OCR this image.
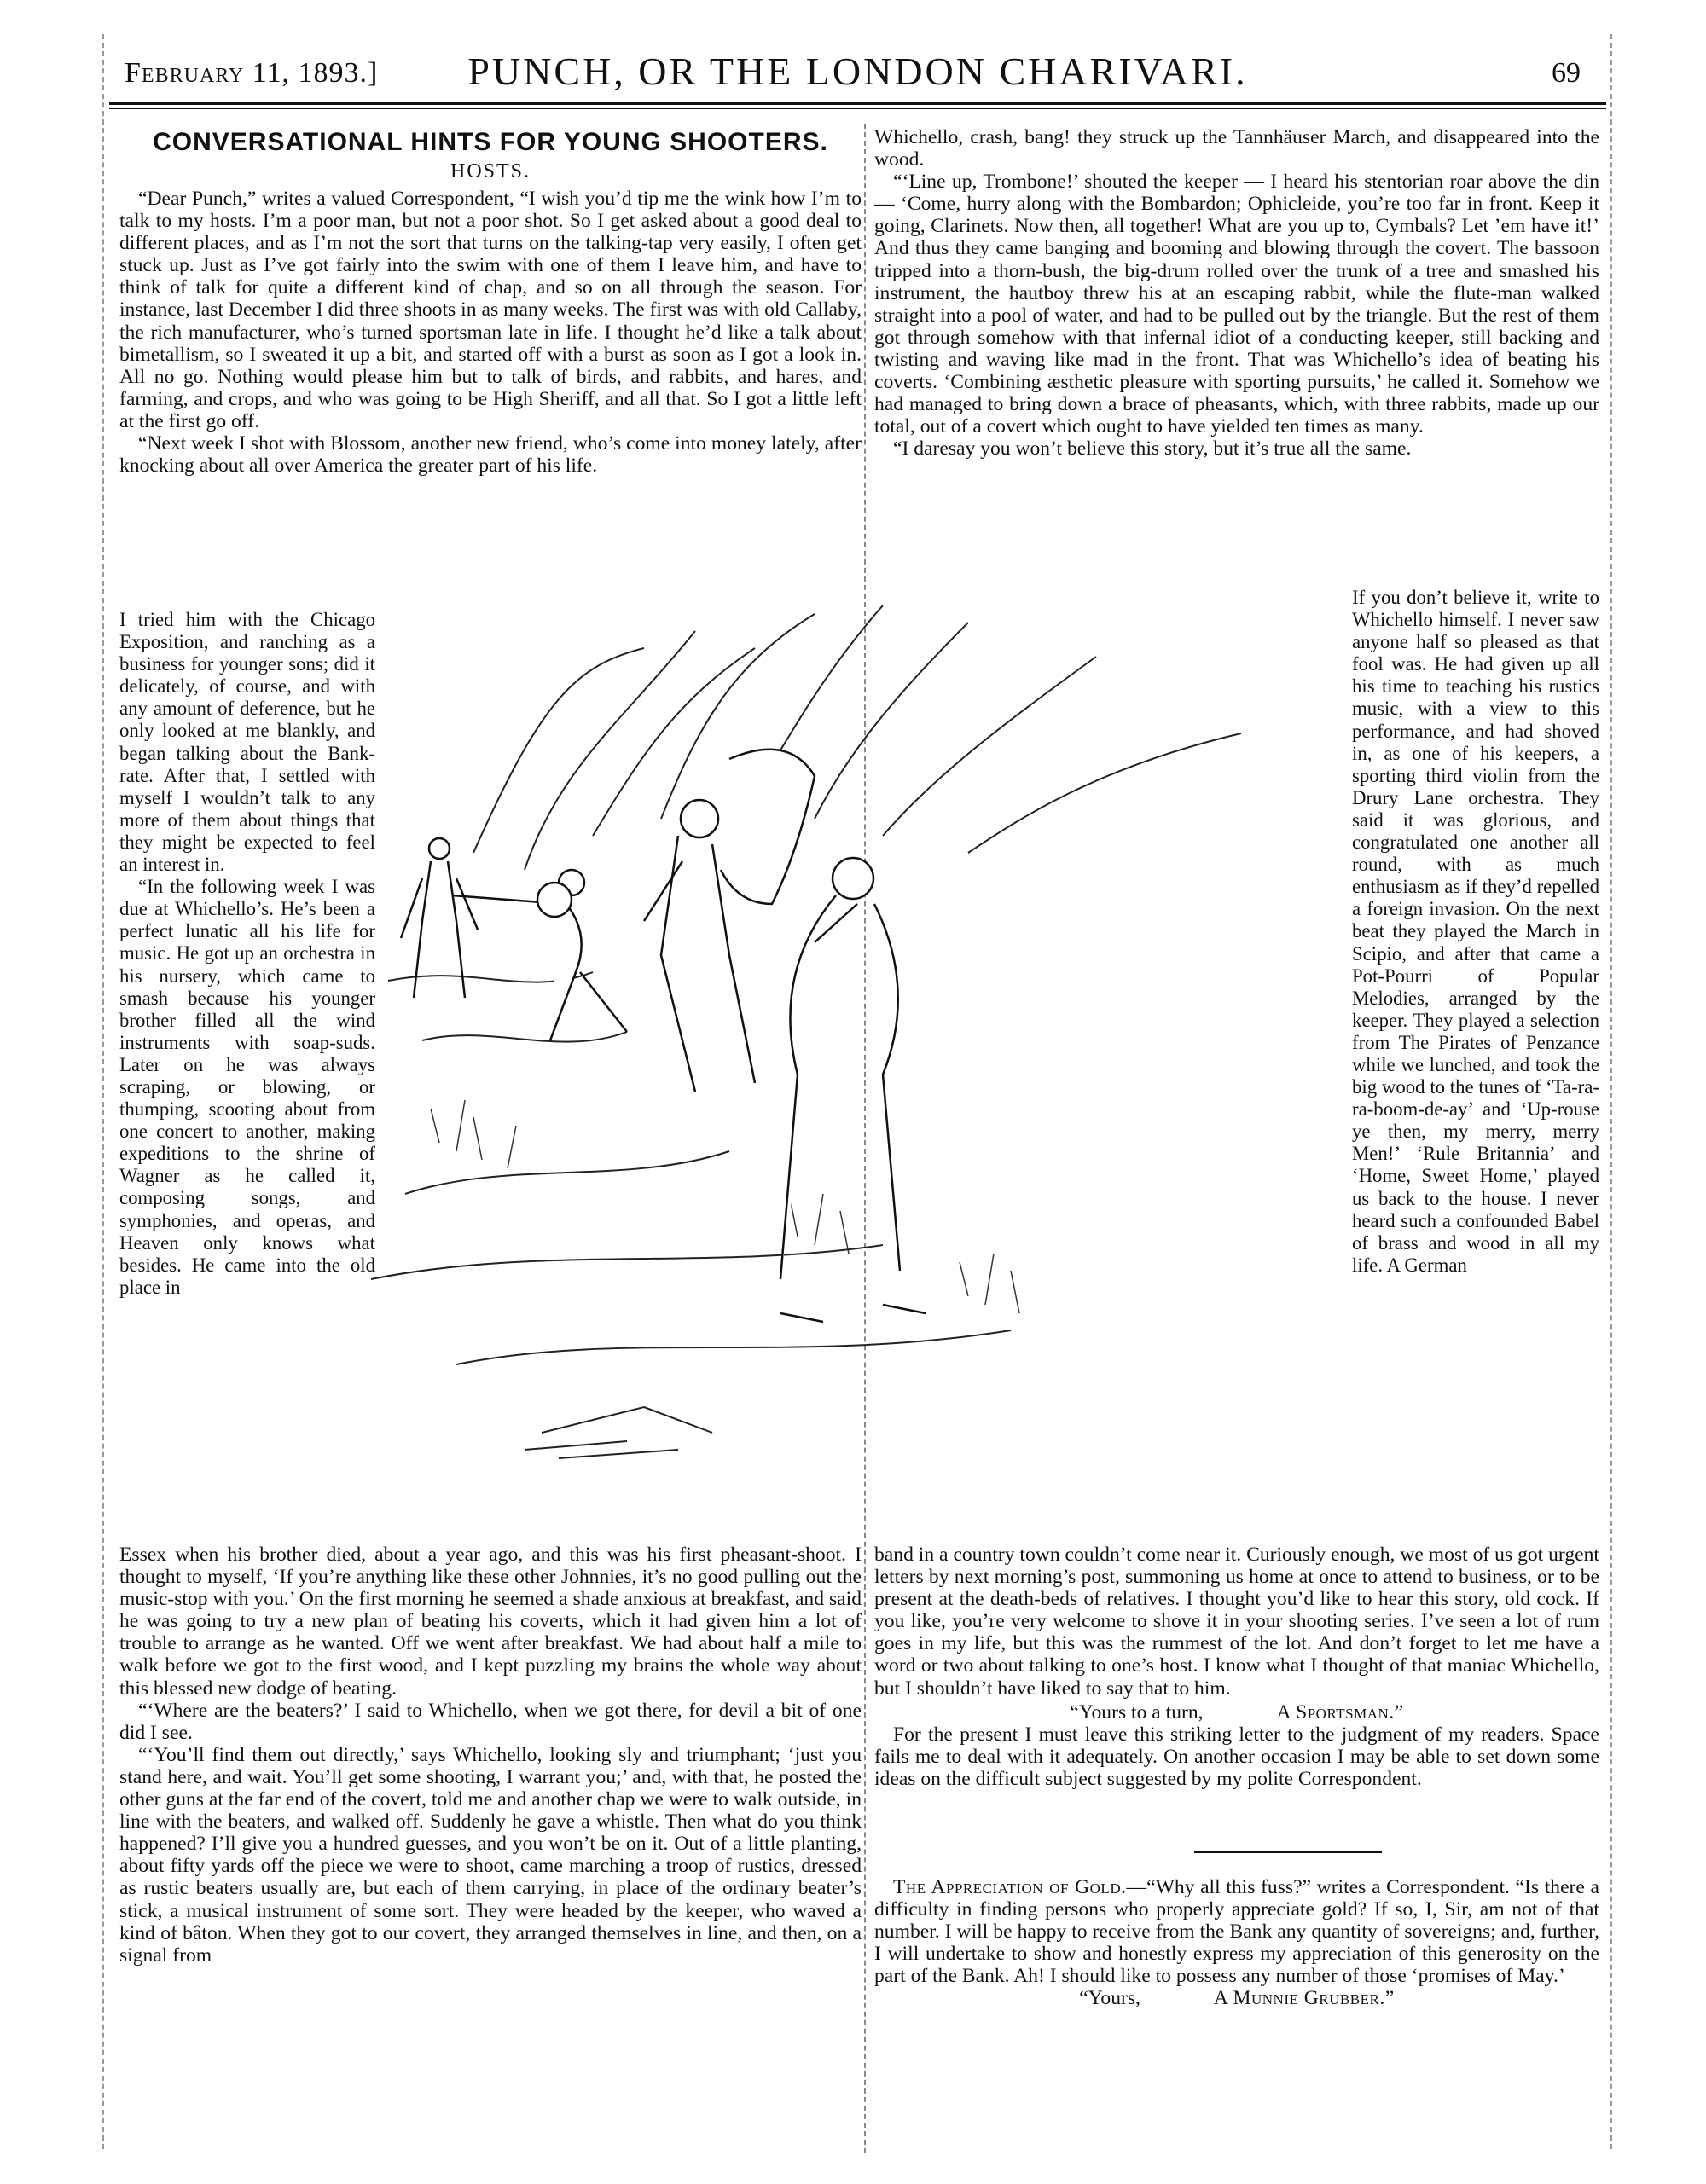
February 11, 1893.]	PUNCH, OR THE LONDON CHARIVARI.	69
CONVERSATIONAL HINTS FOR YOUNG SHOOTERS.
HOSTS.

“Dear Punch,” writes a valued Correspondent, “I wish you’d tip me the wink how I’m to talk to my hosts. I’m a poor man, but not a poor shot. So I get asked about a good deal to different places, and as I’m not the sort that turns on the talking-tap very easily, I often get stuck up. Just as I’ve got fairly into the swim with one of them I leave him, and have to think of talk for quite a different kind of chap, and so on all through the season. For instance, last December I did three shoots in as many weeks. The first was with old Callaby, the rich manufacturer, who’s turned sportsman late in life. I thought he’d like a talk about bimetallism, so I sweated it up a bit, and started off with a burst as soon as I got a look in. All no go. Nothing would please him but to talk of birds, and rabbits, and hares, and farming, and crops, and who was going to be High Sheriff, and all that. So I got a little left at the first go off.

“Next week I shot with Blossom, another new friend, who’s come into money lately, after knocking about all over America the greater part of his life.

I tried him with the Chicago Exposition, and ranching as a business for younger sons; did it delicately, of course, and with any amount of deference, but he only looked at me blankly, and began talking about the Bank-rate. After that, I settled with myself I wouldn’t talk to any more of them about things that they might be expected to feel an interest in.

“In the following week I was due at Whichello’s. He’s been a perfect lunatic all his life for music. He got up an orchestra in his nursery, which came to smash because his younger brother filled all the wind instruments with soap-suds. Later on he was always scraping, or blowing, or thumping, scooting about from one concert to another, making expeditions to the shrine of Wagner as he called it, composing songs, and symphonies, and operas, and Heaven only knows what besides. He came into the old place in

Essex when his brother died, about a year ago, and this was his first pheasant-shoot. I thought to myself, ‘If you’re anything like these other Johnnies, it’s no good pulling out the music-stop with you.’ On the first morning he seemed a shade anxious at breakfast, and said he was going to try a new plan of beating his coverts, which it had given him a lot of trouble to arrange as he wanted. Off we went after breakfast. We had about half a mile to walk before we got to the first wood, and I kept puzzling my brains the whole way about this blessed new dodge of beating.

“‘Where are the beaters?’ I said to Whichello, when we got there, for devil a bit of one did I see.

“‘You’ll find them out directly,’ says Whichello, looking sly and triumphant; ‘just you stand here, and wait. You’ll get some shooting, I warrant you;’ and, with that, he posted the other guns at the far end of the covert, told me and another chap we were to walk outside, in line with the beaters, and walked off. Suddenly he gave a whistle. Then what do you think happened? I’ll give you a hundred guesses, and you won’t be on it. Out of a little planting, about fifty yards off the piece we were to shoot, came marching a troop of rustics, dressed as rustic beaters usually are, but each of them carrying, in place of the ordinary beater’s stick, a musical instrument of some sort. They were headed by the keeper, who waved a kind of bâton. When they got to our covert, they arranged themselves in line, and then, on a signal from

Whichello, crash, bang! they struck up the Tannhäuser March, and disappeared into the wood.

“‘Line up, Trombone!’ shouted the keeper — I heard his stentorian roar above the din — ‘Come, hurry along with the Bombardon; Ophicleide, you’re too far in front. Keep it going, Clarinets. Now then, all together! What are you up to, Cymbals? Let ’em have it!’ And thus they came banging and booming and blowing through the covert. The bassoon tripped into a thorn-bush, the big-drum rolled over the trunk of a tree and smashed his instrument, the hautboy threw his at an escaping rabbit, while the flute-man walked straight into a pool of water, and had to be pulled out by the triangle. But the rest of them got through somehow with that infernal idiot of a conducting keeper, still backing and twisting and waving like mad in the front. That was Whichello’s idea of beating his coverts. ‘Combining æsthetic pleasure with sporting pursuits,’ he called it. Somehow we had managed to bring down a brace of pheasants, which, with three rabbits, made up our total, out of a covert which ought to have yielded ten times as many.

“I daresay you won’t believe this story, but it’s true all the same.

If you don’t believe it, write to Whichello himself. I never saw anyone half so pleased as that fool was. He had given up all his time to teaching his rustics music, with a view to this performance, and had shoved in, as one of his keepers, a sporting third violin from the Drury Lane orchestra. They said it was glorious, and congratulated one another all round, with as much enthusiasm as if they’d repelled a foreign invasion. On the next beat they played the March in Scipio, and after that came a Pot-Pourri of Popular Melodies, arranged by the keeper. They played a selection from The Pirates of Penzance while we lunched, and took the big wood to the tunes of ‘Ta-ra-ra-boom-de-ay’ and ‘Up-rouse ye then, my merry, merry Men!’ ‘Rule Britannia’ and ‘Home, Sweet Home,’ played us back to the house. I never heard such a confounded Babel of brass and wood in all my life. A German

band in a country town couldn’t come near it. Curiously enough, we most of us got urgent letters by next morning’s post, summoning us home at once to attend to business, or to be present at the death-beds of relatives. I thought you’d like to hear this story, old cock. If you like, you’re very welcome to shove it in your shooting series. I’ve seen a lot of rum goes in my life, but this was the rummest of the lot. And don’t forget to let me have a word or two about talking to one’s host. I know what I thought of that maniac Whichello, but I shouldn’t have liked to say that to him.

“Yours to a turn,	A Sportsman.”

For the present I must leave this striking letter to the judgment of my readers. Space fails me to deal with it adequately. On another occasion I may be able to set down some ideas on the difficult subject suggested by my polite Correspondent.

The Appreciation of Gold.—“Why all this fuss?” writes a Correspondent. “Is there a difficulty in finding persons who properly appreciate gold? If so, I, Sir, am not of that number. I will be happy to receive from the Bank any quantity of sovereigns; and, further, I will undertake to show and honestly express my appreciation of this generosity on the part of the Bank. Ah! I should like to possess any number of those ‘promises of May.’

“Yours,	A Munnie Grubber.”
